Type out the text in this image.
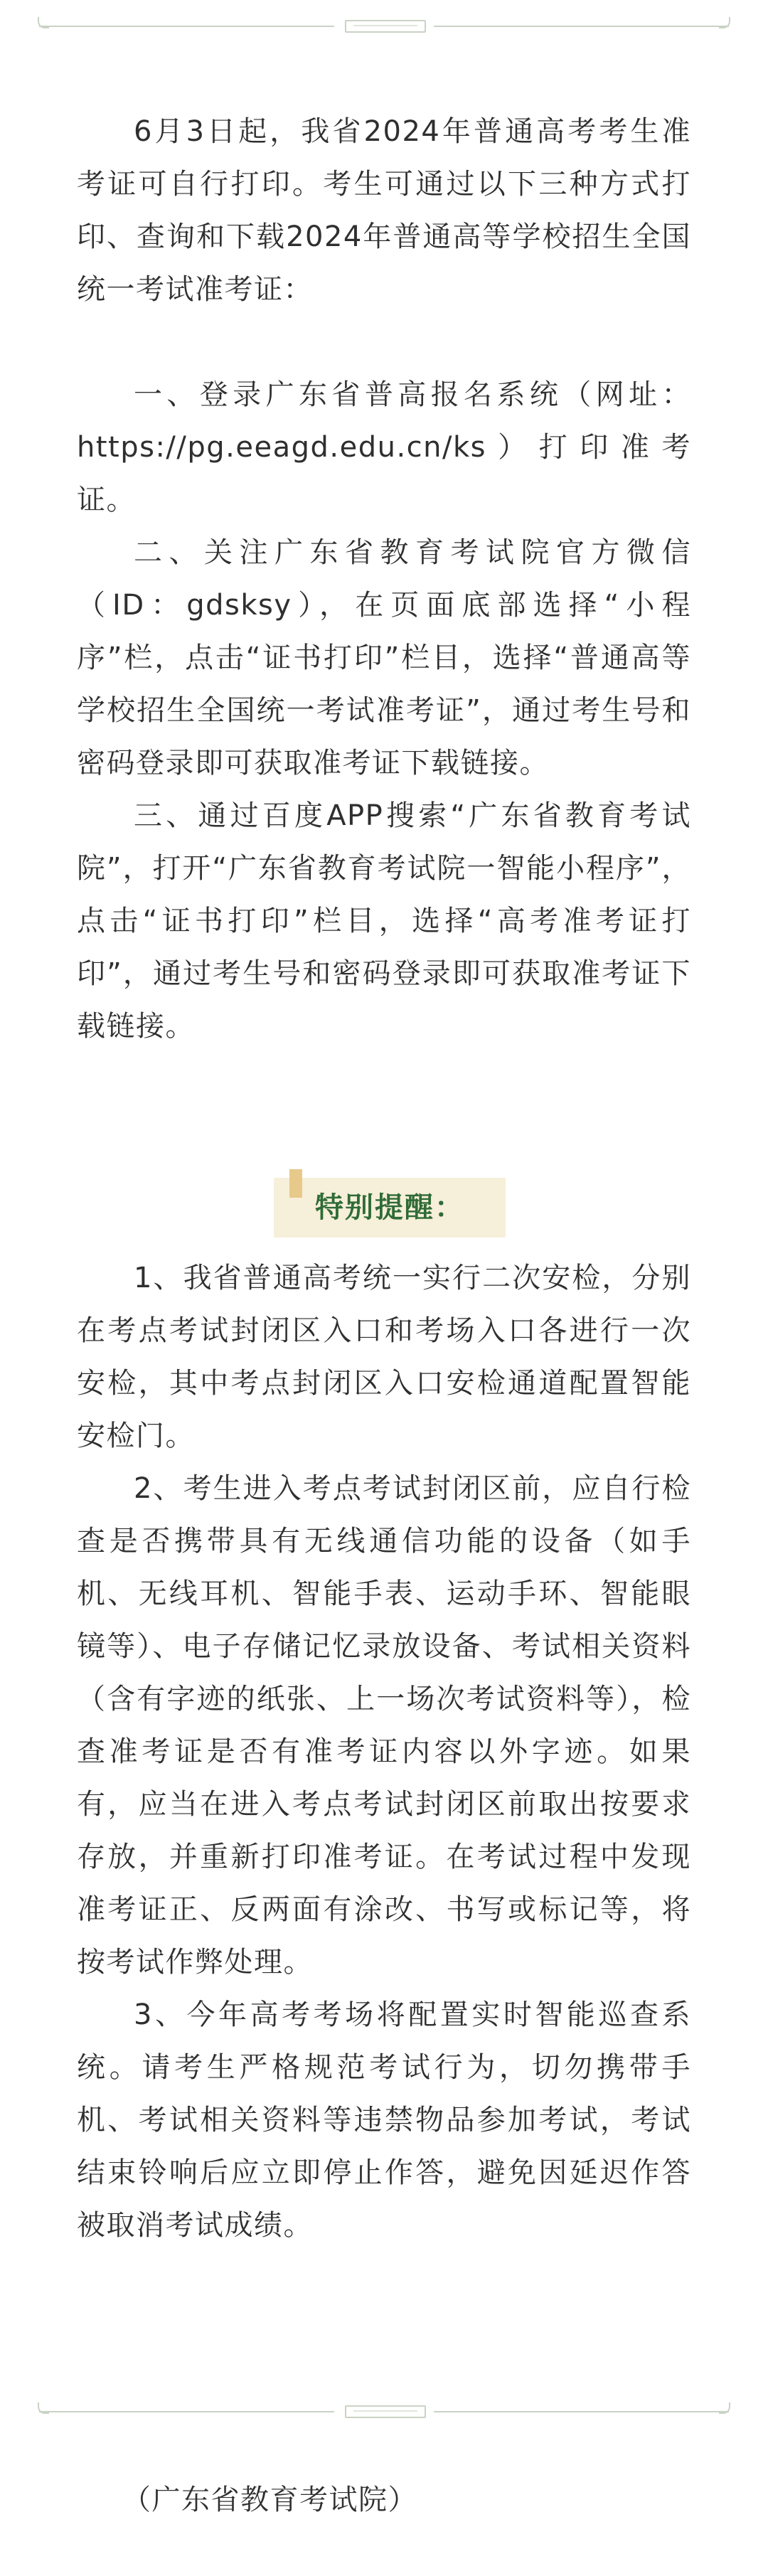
6月3日起，我省2024年普通高考考生准考证可自行打印。考生可通过以下三种方式打印、查询和下载2024年普通高等学校招生全国统一考试准考证：

一、登录广东省普高报名系统（网址：https://pg.eeagd.edu.cn/ks）打印准考证。

二、关注广东省教育考试院官方微信（ID：gdsksy），在页面底部选择“小程序”栏，点击“证书打印”栏目，选择“普通高等学校招生全国统一考试准考证”，通过考生号和密码登录即可获取准考证下载链接。

三、通过百度APP搜索“广东省教育考试院”，打开“广东省教育考试院一智能小程序”，点击“证书打印”栏目，选择“高考准考证打印”，通过考生号和密码登录即可获取准考证下载链接。

特别提醒：

1、我省普通高考统一实行二次安检，分别在考点考试封闭区入口和考场入口各进行一次安检，其中考点封闭区入口安检通道配置智能安检门。

2、考生进入考点考试封闭区前，应自行检查是否携带具有无线通信功能的设备（如手机、无线耳机、智能手表、运动手环、智能眼镜等）、电子存储记忆录放设备、考试相关资料（含有字迹的纸张、上一场次考试资料等），检查准考证是否有准考证内容以外字迹。如果有，应当在进入考点考试封闭区前取出按要求存放，并重新打印准考证。在考试过程中发现准考证正、反两面有涂改、书写或标记等，将按考试作弊处理。

3、今年高考考场将配置实时智能巡查系统。请考生严格规范考试行为，切勿携带手机、考试相关资料等违禁物品参加考试，考试结束铃响后应立即停止作答，避免因延迟作答被取消考试成绩。

（广东省教育考试院）
